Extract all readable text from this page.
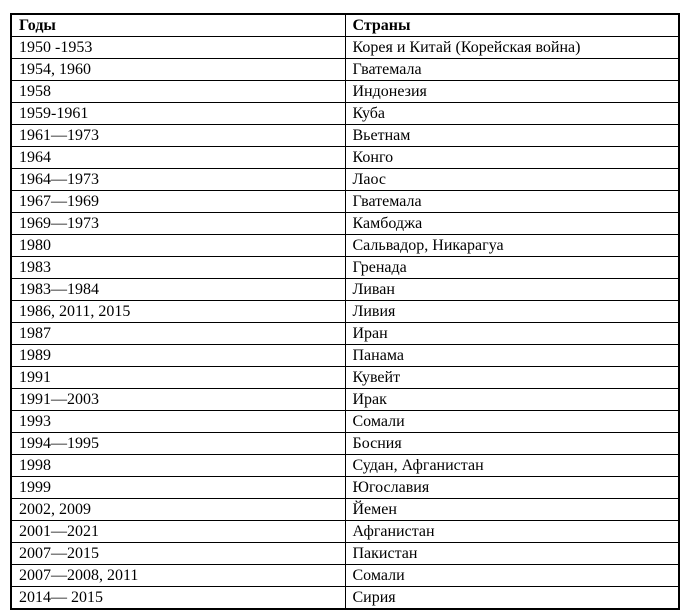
Годы	Страны
1950 -1953	Корея и Китай (Корейская война)
1954, 1960	Гватемала
1958	Индонезия
1959-1961	Куба
1961—1973	Вьетнам
1964	Конго
1964—1973	Лаос
1967—1969	Гватемала
1969—1973	Камбоджа
1980	Сальвадор, Никарагуа
1983	Гренада
1983—1984	Ливан
1986, 2011, 2015	Ливия
1987	Иран
1989	Панама
1991	Кувейт
1991—2003	Ирак
1993	Сомали
1994—1995	Босния
1998	Судан, Афганистан
1999	Югославия
2002, 2009	Йемен
2001—2021	Афганистан
2007—2015	Пакистан
2007—2008, 2011	Сомали
2014— 2015	Сирия
